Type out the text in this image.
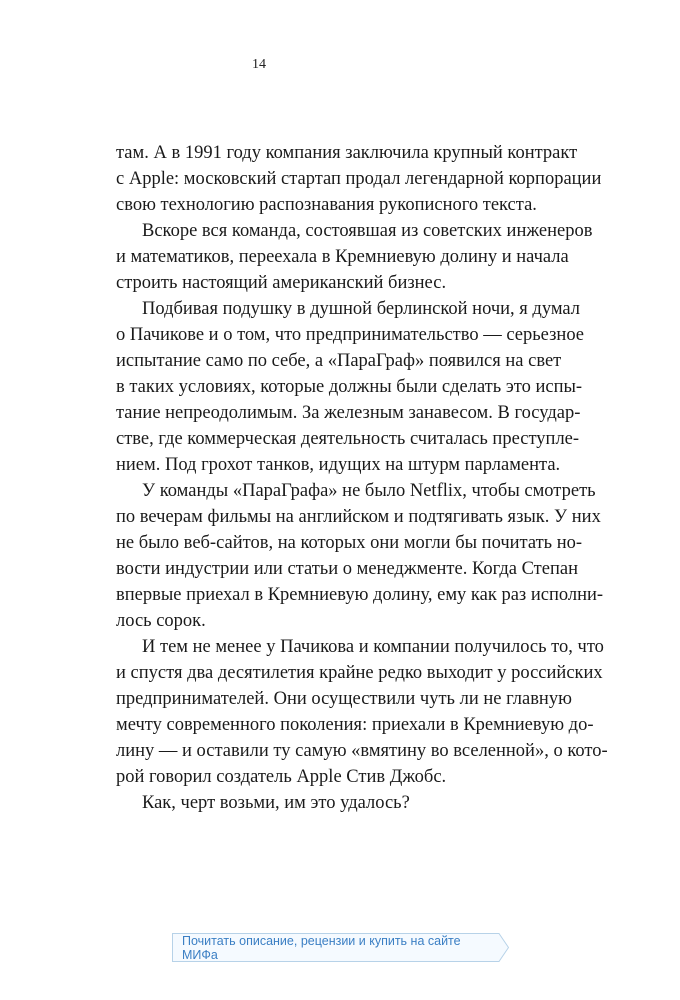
14
там. А в 1991 году компания заключила крупный контракт
с Apple: московский стартап продал легендарной корпорации
свою технологию распознавания рукописного текста.
Вскоре вся команда, состоявшая из советских инженеров
и математиков, переехала в Кремниевую долину и начала
строить настоящий американский бизнес.
Подбивая подушку в душной берлинской ночи, я думал
о Пачикове и о том, что предпринимательство — серьезное
испытание само по себе, а «ПараГраф» появился на свет
в таких условиях, которые должны были сделать это испы-
тание непреодолимым. За железным занавесом. В государ-
стве, где коммерческая деятельность считалась преступле-
нием. Под грохот танков, идущих на штурм парламента.
У команды «ПараГрафа» не было Netflix, чтобы смотреть
по вечерам фильмы на английском и подтягивать язык. У них
не было веб-сайтов, на которых они могли бы почитать но-
вости индустрии или статьи о менеджменте. Когда Степан
впервые приехал в Кремниевую долину, ему как раз исполни-
лось сорок.
И тем не менее у Пачикова и компании получилось то, что
и спустя два десятилетия крайне редко выходит у российских
предпринимателей. Они осуществили чуть ли не главную
мечту современного поколения: приехали в Кремниевую до-
лину — и оставили ту самую «вмятину во вселенной», о кото-
рой говорил создатель Apple Стив Джобс.
Как, черт возьми, им это удалось?
Почитать описание, рецензии и купить на сайте МИФа
